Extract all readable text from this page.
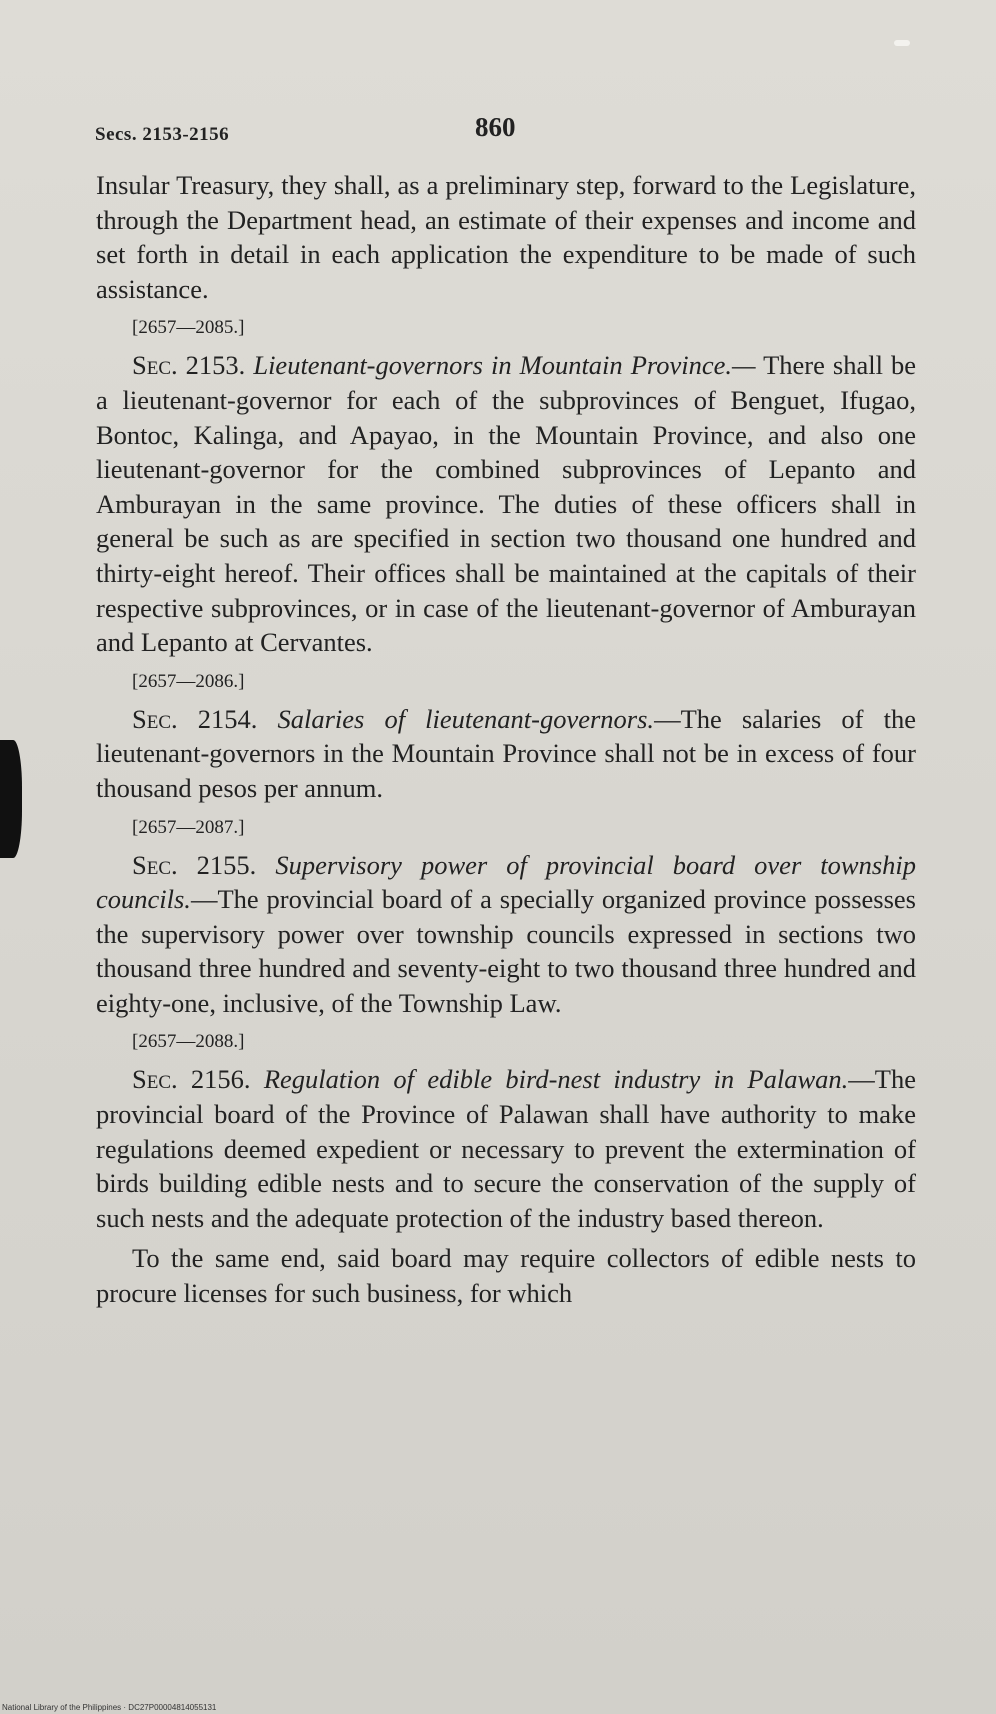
Secs. 2153-2156	860

Insular Treasury, they shall, as a preliminary step, forward to the Legislature, through the Department head, an estimate of their expenses and income and set forth in detail in each application the expenditure to be made of such assistance.

[2657—2085.]

Sec. 2153. Lieutenant-governors in Mountain Province.— There shall be a lieutenant-governor for each of the subprovinces of Benguet, Ifugao, Bontoc, Kalinga, and Apayao, in the Mountain Province, and also one lieutenant-governor for the combined subprovinces of Lepanto and Amburayan in the same province. The duties of these officers shall in general be such as are specified in section two thousand one hundred and thirty-eight hereof. Their offices shall be maintained at the capitals of their respective subprovinces, or in case of the lieutenant-governor of Amburayan and Lepanto at Cervantes.

[2657—2086.]

Sec. 2154. Salaries of lieutenant-governors.—The salaries of the lieutenant-governors in the Mountain Province shall not be in excess of four thousand pesos per annum.

[2657—2087.]

Sec. 2155. Supervisory power of provincial board over township councils.—The provincial board of a specially organized province possesses the supervisory power over township councils expressed in sections two thousand three hundred and seventy-eight to two thousand three hundred and eighty-one, inclusive, of the Township Law.

[2657—2088.]

Sec. 2156. Regulation of edible bird-nest industry in Palawan.—The provincial board of the Province of Palawan shall have authority to make regulations deemed expedient or necessary to prevent the extermination of birds building edible nests and to secure the conservation of the supply of such nests and the adequate protection of the industry based thereon.

To the same end, said board may require collectors of edible nests to procure licenses for such business, for which

National Library of the Philippines · DC27P00004814055131
